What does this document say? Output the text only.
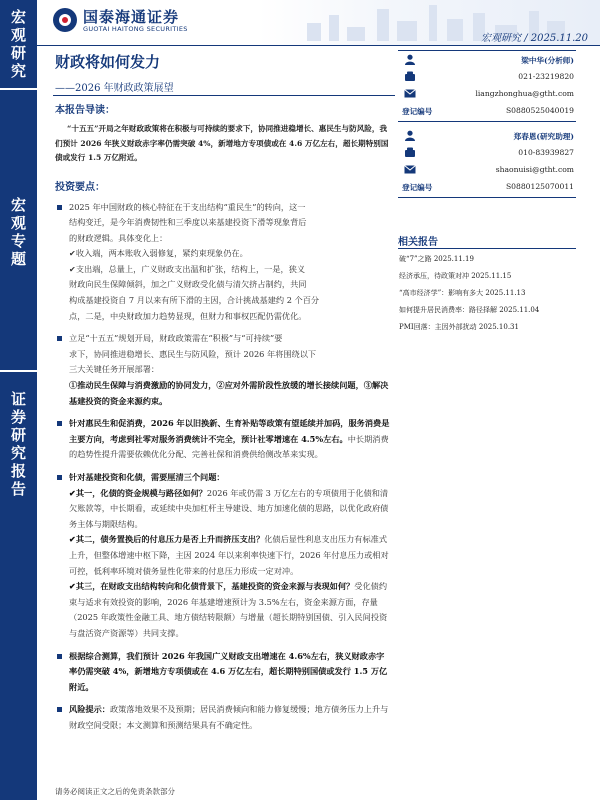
宏观研究
宏观专题
证券研究报告
国泰海通证券
GUOTAI HAITONG SECURITIES
宏观研究 / 2025.11.20
财政将如何发力
——2026 年财政政策展望
本报告导读：
“十五五”开局之年财政政策将在积极与可持续的要求下，协同推进稳增长、惠民生与防风险，我们预计 2026 年狭义财政赤字率仍需突破 4%，新增地方专项债或在 4.6 万亿左右，超长期特别国债或发行 1.5 万亿附近。
投资要点：
2025 年中国财政的核心特征在于支出结构“重民生”的转向，这一
结构变迁，是今年消费韧性和三季度以来基建投资下滑等现象背后
的财政逻辑。具体变化上：
✔收入端，两本账收入弱修复，紧约束现象仍在。
✔支出端，总量上，广义财政支出温和扩张，结构上，一是，狭义
财政向民生保障倾斜，加之广义财政受化债与清欠挤占制约，共同
构成基建投资自 7 月以来有所下滑的主因，合计挑战基建约 2 个百分
点，二是，中央财政加力趋势显现，但财力和事权匹配仍需优化。
立足“十五五”规划开局，财政政策需在“积极”与“可持续”要
求下，协同推进稳增长、惠民生与防风险，预计 2026 年将围绕以下
三大关键任务开展部署：
①推动民生保障与消费激励的协同发力，②应对外需阶段性放缓的增长接续问题，③解决基建投资的资金来源约束。
针对惠民生和促消费，2026 年以旧换新、生育补贴等政策有望延续并加码，服务消费是主要方向，考虑到社零对服务消费统计不完全，预计社零增速在 4.5%左右。中长期消费的趋势性提升需要依赖优化分配、完善社保和消费供给侧改革来实现。
针对基建投资和化债，需要厘清三个问题：
✔其一，化债的资金规模与路径如何？2026 年或仍需 3 万亿左右的专项债用于化债和清欠账款等，中长期看，或延续中央加杠杆主导建设、地方加速化债的思路，以优化政府债务主体与期限结构。
✔其二，债务置换后的付息压力是否上升而挤压支出？化债后显性利息支出压力有标准式上升，但整体增速中枢下降，主因 2024 年以来利率快速下行，2026 年付息压力或相对可控，低利率环境对债务显性化带来的付息压力形成一定对冲。
✔其三，在财政支出结构转向和化债背景下，基建投资的资金来源与表现如何？受化债约束与适求有效投资的影响，2026 年基建增速预计为 3.5%左右，资金来源方面，存量（2025 年政策性金融工具、地方债结转限额）与增量（超长期特别国债、引入民间投资与盘活资产资源等）共同支撑。
根据综合测算，我们预计 2026 年我国广义财政支出增速在 4.6%左右，狭义财政赤字率仍需突破 4%，新增地方专项债或在 4.6 万亿左右，超长期特别国债或发行 1.5 万亿附近。
风险提示：政策落地效果不及预期；居民消费倾向和能力修复缓慢；地方债务压力上升与财政空间受限；本文测算和预测结果具有不确定性。
梁中华(分析师)
021-23219820
liangzhonghua@gtht.com
登记编号	S0880525040019
郑春恩(研究助理)
010-83939827
shaonuisi@gtht.com
登记编号	S0880125070011
相关报告
破“7”之路 2025.11.19
经济承压，待政策对冲 2025.11.15
“高市经济学”：影响有多大 2025.11.13
如何提升居民消费率：路径择解 2025.11.04
PMI回落：主因外部扰动 2025.10.31
请务必阅读正文之后的免责条款部分
